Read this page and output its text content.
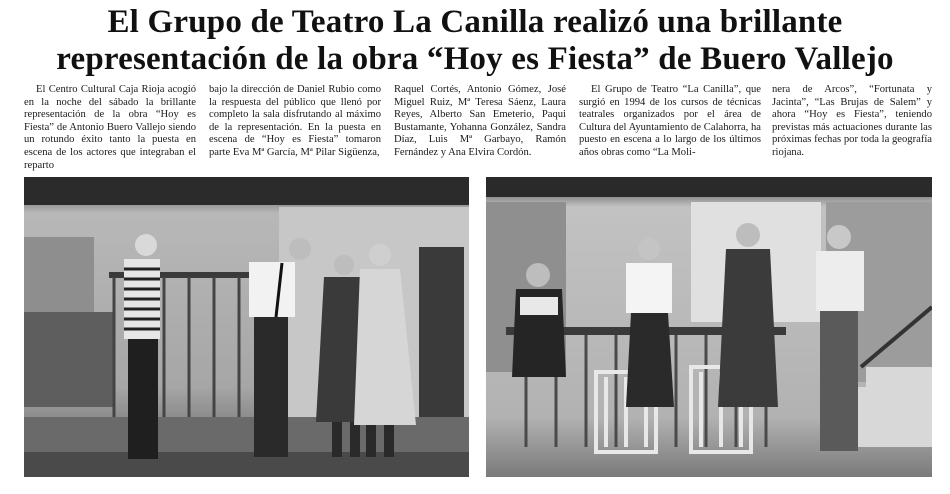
El Grupo de Teatro La Canilla realizó una brillante
representación de la obra “Hoy es Fiesta” de Buero Vallejo

El Centro Cultural Caja Rioja acogió en la noche del sábado la brillante representación de la obra “Hoy es Fiesta” de Antonio Buero Vallejo siendo un rotundo éxito tanto la puesta en escena de los actores que integraban el reparto

bajo la dirección de Daniel Rubio como la respuesta del público que llenó por completo la sala disfrutando al máximo de la representación. En la puesta en escena de “Hoy es Fiesta” tomaron parte Eva Mª García, Mª Pilar Sigüenza,

Raquel Cortés, Antonio Gómez, José Miguel Ruiz, Mª Teresa Sáenz, Laura Reyes, Alberto San Emeterio, Paqui Bustamante, Yohanna González, Sandra Díaz, Luis Mª Garbayo, Ramón Fernández y Ana Elvira Cordón.

El Grupo de Teatro “La Canilla”, que surgió en 1994 de los cursos de técnicas teatrales organizados por el área de Cultura del Ayuntamiento de Calahorra, ha puesto en escena a lo largo de los últimos años obras como “La Moli-

nera de Arcos”, “Fortunata y Jacinta”, “Las Brujas de Salem” y ahora “Hoy es Fiesta”, teniendo previstas más actuaciones durante las próximas fechas por toda la geografía riojana.
